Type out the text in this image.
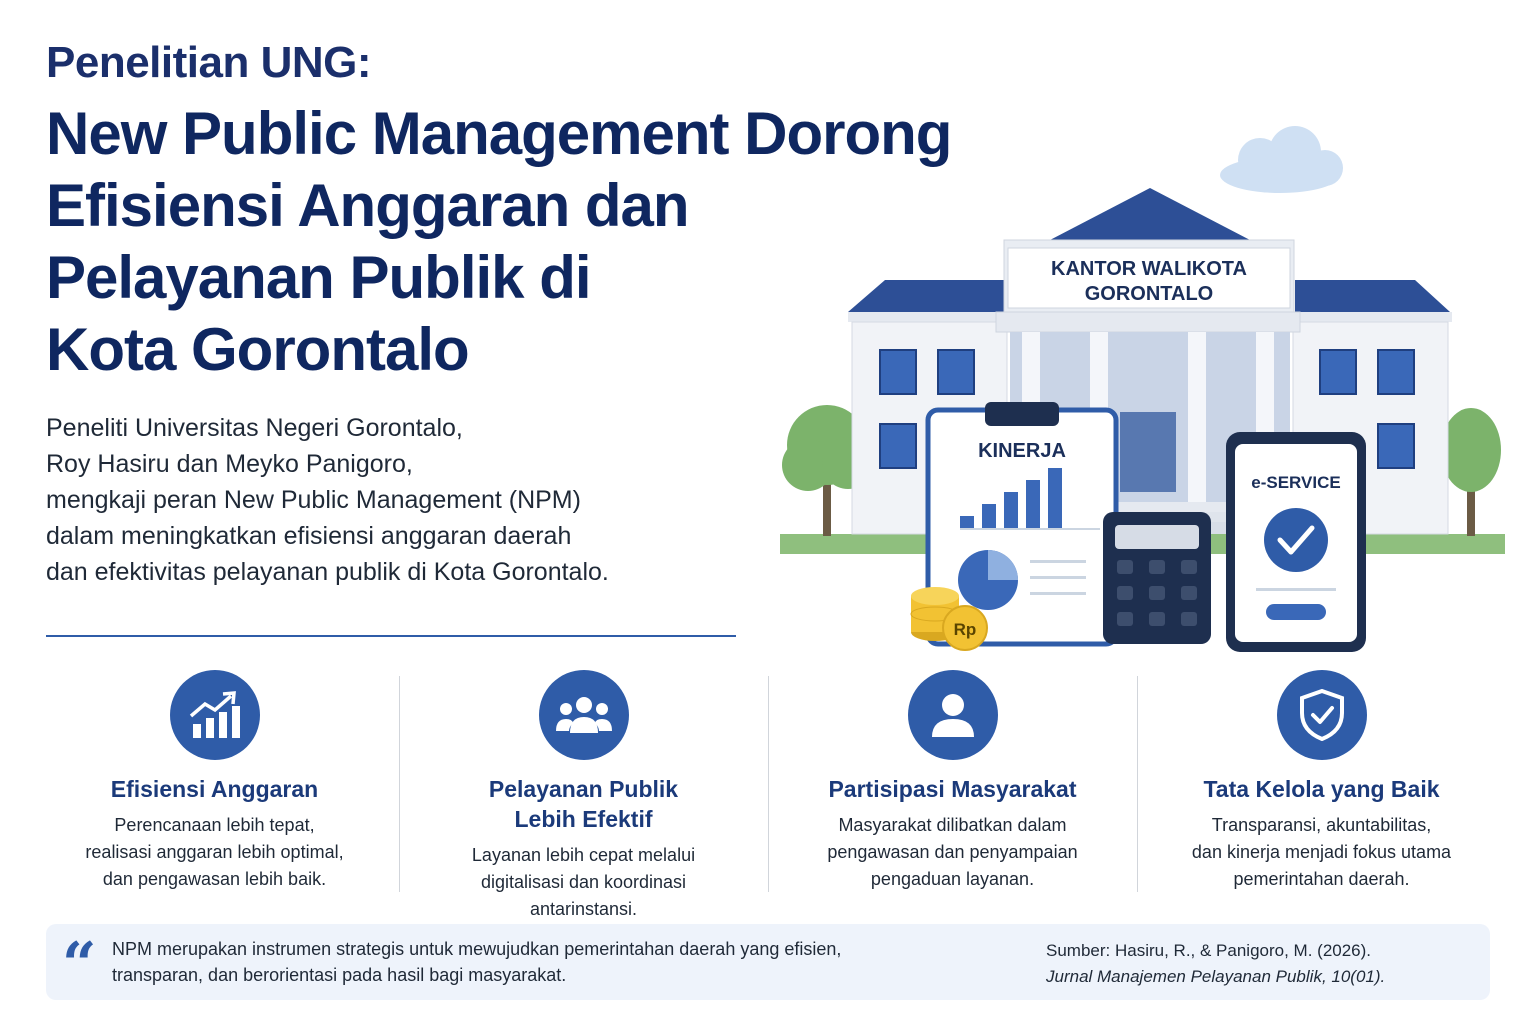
Penelitian UNG:
New Public Management Dorong
Efisiensi Anggaran dan
Pelayanan Publik di
Kota Gorontalo

Peneliti Universitas Negeri Gorontalo,
Roy Hasiru dan Meyko Panigoro,
mengkaji peran New Public Management (NPM)
dalam meningkatkan efisiensi anggaran daerah
dan efektivitas pelayanan publik di Kota Gorontalo.

KANTOR WALIKOTA
GORONTALO
KINERJA
Rp
e-SERVICE
Efisiensi Anggaran

Perencanaan lebih tepat,
realisasi anggaran lebih optimal,
dan pengawasan lebih baik.

Pelayanan Publik
Lebih Efektif

Layanan lebih cepat melalui
digitalisasi dan koordinasi
antarinstansi.

Partisipasi Masyarakat

Masyarakat dilibatkan dalam
pengawasan dan penyampaian
pengaduan layanan.

Tata Kelola yang Baik

Transparansi, akuntabilitas,
dan kinerja menjadi fokus utama
pemerintahan daerah.

“ NPM merupakan instrumen strategis untuk mewujudkan pemerintahan daerah yang efisien,
transparan, dan berorientasi pada hasil bagi masyarakat.

Sumber: Hasiru, R., & Panigoro, M. (2026).
Jurnal Manajemen Pelayanan Publik, 10(01).
